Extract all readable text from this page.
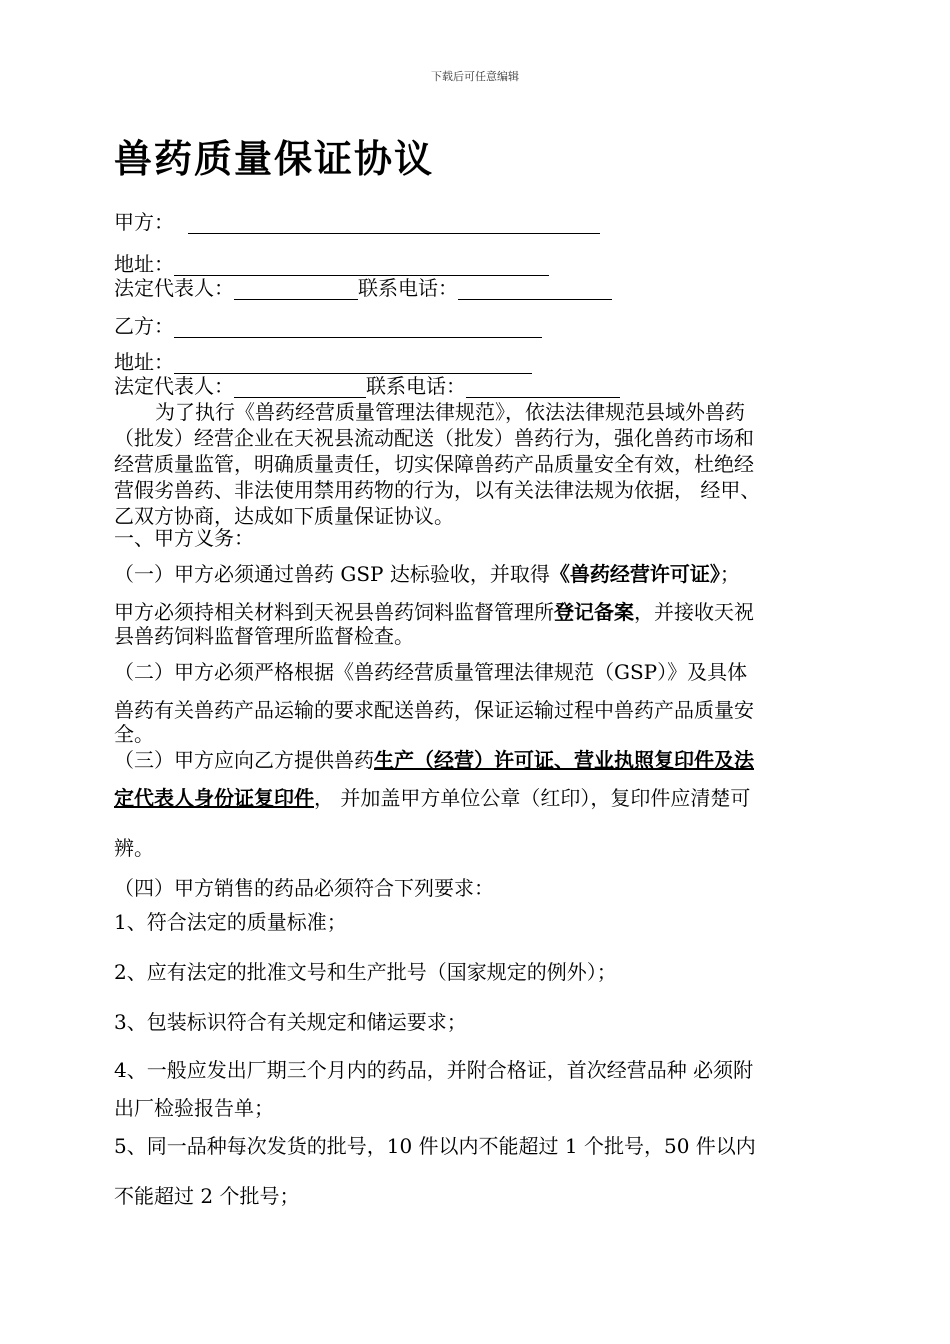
下载后可任意编辑
兽药质量保证协议
甲方：
地址：
法定代表人：	联系电话：
乙方：
地址：
法定代表人：	联系电话：
为了执行《兽药经营质量管理法律规范》，依法法律规范县域外兽药
（批发）经营企业在天祝县流动配送（批发）兽药行为，强化兽药市场和
经营质量监管，明确质量责任，切实保障兽药产品质量安全有效，杜绝经
营假劣兽药、非法使用禁用药物的行为，以有关法律法规为依据， 经甲、
乙双方协商，达成如下质量保证协议。
一、甲方义务：
（一）甲方必须通过兽药 GSP 达标验收，并取得《兽药经营许可证》；
甲方必须持相关材料到天祝县兽药饲料监督管理所登记备案，并接收天祝
县兽药饲料监督管理所监督检查。
（二）甲方必须严格根据《兽药经营质量管理法律规范（GSP）》及具体
兽药有关兽药产品运输的要求配送兽药，保证运输过程中兽药产品质量安
全。
（三）甲方应向乙方提供兽药生产（经营）许可证、营业执照复印件及法
定代表人身份证复印件， 并加盖甲方单位公章（红印），复印件应清楚可
辨。
（四）甲方销售的药品必须符合下列要求：
1、符合法定的质量标准；
2、应有法定的批准文号和生产批号（国家规定的例外）；
3、包装标识符合有关规定和储运要求；
4、一般应发出厂期三个月内的药品，并附合格证，首次经营品种 必须附
出厂检验报告单；
5、同一品种每次发货的批号，10 件以内不能超过 1 个批号，50 件以内
不能超过 2 个批号；
